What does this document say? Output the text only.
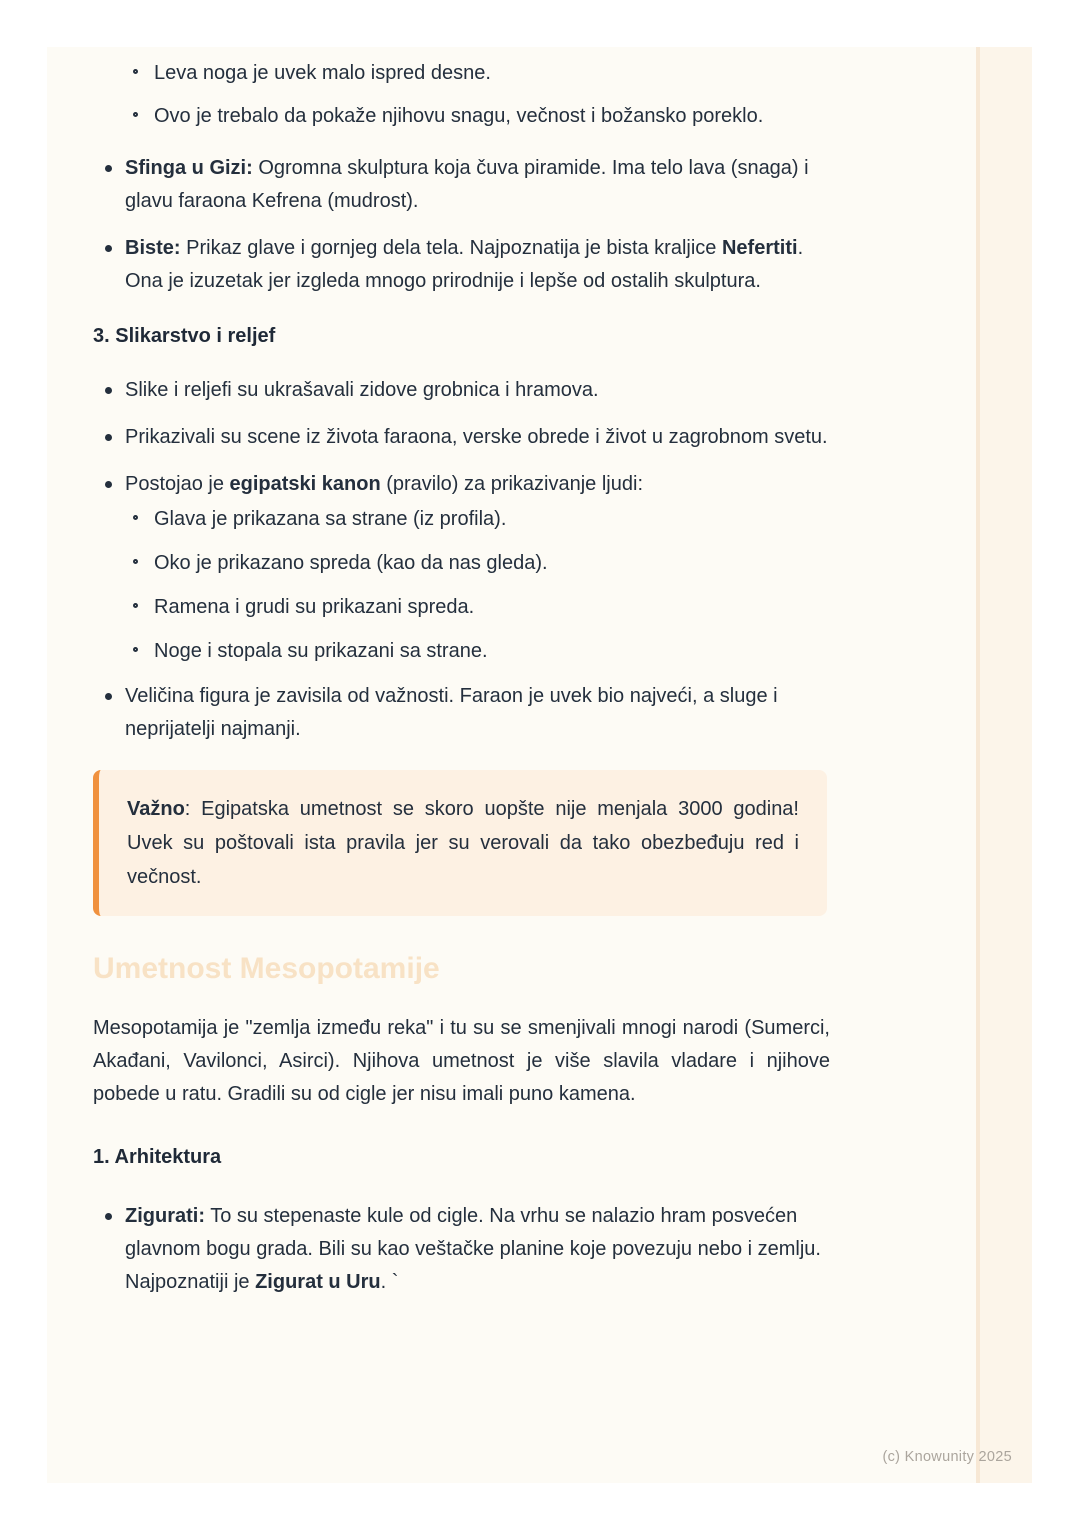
Leva noga je uvek malo ispred desne.
Ovo je trebalo da pokaže njihovu snagu, večnost i božansko poreklo.
Sfinga u Gizi: Ogromna skulptura koja čuva piramide. Ima telo lava (snaga) i glavu faraona Kefrena (mudrost).
Biste: Prikaz glave i gornjeg dela tela. Najpoznatija je bista kraljice Nefertiti. Ona je izuzetak jer izgleda mnogo prirodnije i lepše od ostalih skulptura.
3. Slikarstvo i reljef
Slike i reljefi su ukrašavali zidove grobnica i hramova.
Prikazivali su scene iz života faraona, verske obrede i život u zagrobnom svetu.
Postojao je egipatski kanon (pravilo) za prikazivanje ljudi:
Glava je prikazana sa strane (iz profila).
Oko je prikazano spreda (kao da nas gleda).
Ramena i grudi su prikazani spreda.
Noge i stopala su prikazani sa strane.
Veličina figura je zavisila od važnosti. Faraon je uvek bio najveći, a sluge i neprijatelji najmanji.
Važno: Egipatska umetnost se skoro uopšte nije menjala 3000 godina! Uvek su poštovali ista pravila jer su verovali da tako obezbeđuju red i večnost.
Umetnost Mesopotamije
Mesopotamija je "zemlja između reka" i tu su se smenjivali mnogi narodi (Sumerci, Akađani, Vavilonci, Asirci). Njihova umetnost je više slavila vladare i njihove pobede u ratu. Gradili su od cigle jer nisu imali puno kamena.
1. Arhitektura
Zigurati: To su stepenaste kule od cigle. Na vrhu se nalazio hram posvećen glavnom bogu grada. Bili su kao veštačke planine koje povezuju nebo i zemlju. Najpoznatiji je Zigurat u Uru. `
(c) Knowunity 2025
